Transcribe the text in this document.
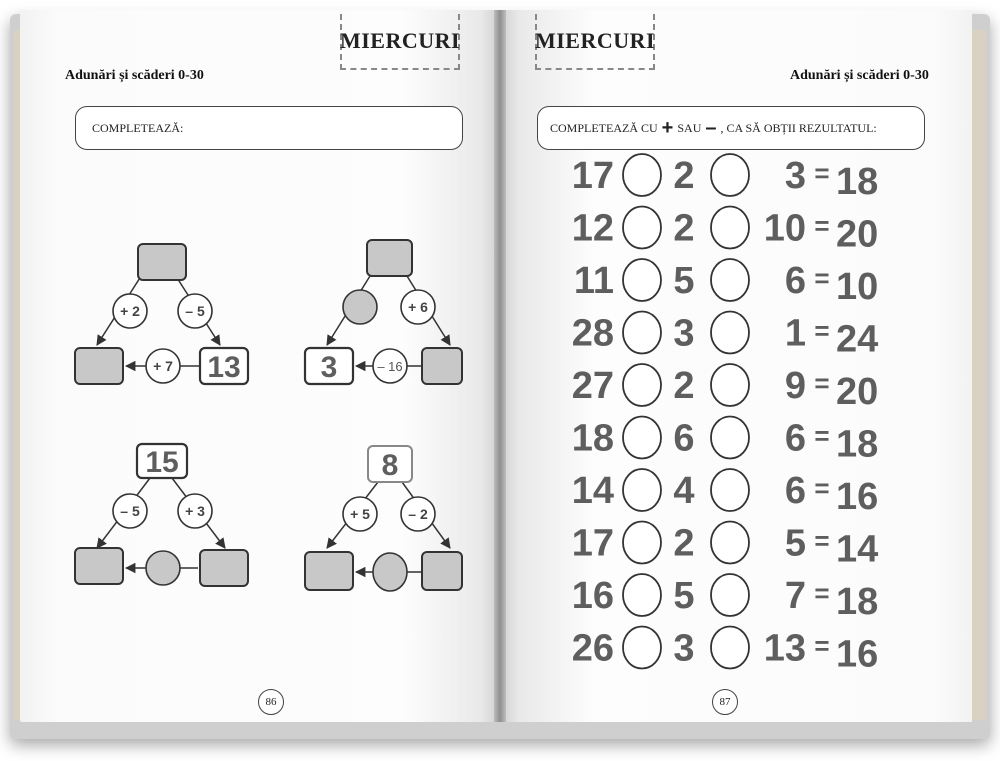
MIERCURI
Adunări și scăderi 0-30
COMPLETEAZĂ:
MIERCURI
Adunări și scăderi 0-30
COMPLETEAZĂ CU + SAU – , CA SĂ OBȚII REZULTATUL:
+ 2	– 5
+ 7 13
+ 6
3	– 16
15
– 5	+ 3
8
+ 5	– 2
17 2 3 = 18
12 2 10 = 20
11 5 6 = 10
28 3 1 = 24
27 2 9 = 20
18 6 6 = 18
14 4 6 = 16
17 2 5 = 14
16 5 7 = 18
26 3 13 = 16
86	87
